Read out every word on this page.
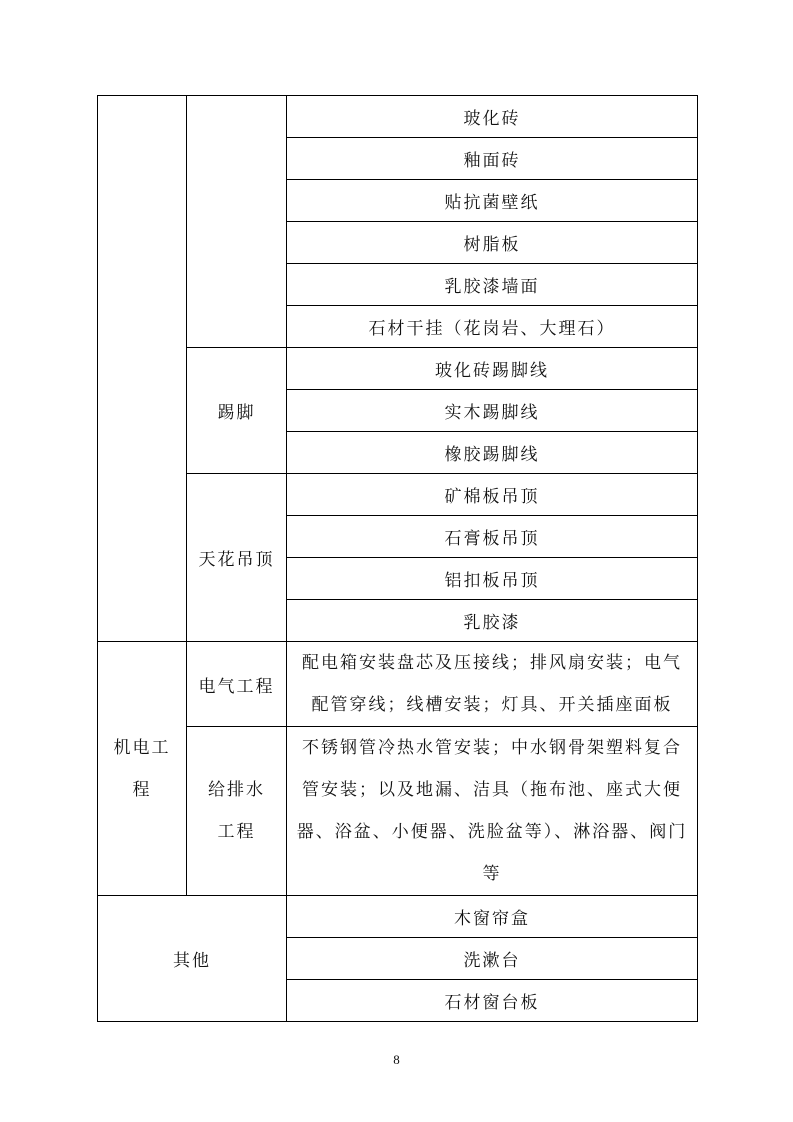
		玻化砖
		釉面砖
		贴抗菌壁纸
		树脂板
		乳胶漆墙面
		石材干挂（花岗岩、大理石）
	踢脚	玻化砖踢脚线
		实木踢脚线
		橡胶踢脚线
	天花吊顶	矿棉板吊顶
		石膏板吊顶
		铝扣板吊顶
		乳胶漆
机电工程	电气工程	配电箱安装盘芯及压接线；排风扇安装；电气配管穿线；线槽安装；灯具、开关插座面板
	给排水工程	不锈钢管冷热水管安装；中水钢骨架塑料复合管安装；以及地漏、洁具（拖布池、座式大便器、浴盆、小便器、洗脸盆等）、淋浴器、阀门等
其他		木窗帘盒
		洗漱台
		石材窗台板
8
